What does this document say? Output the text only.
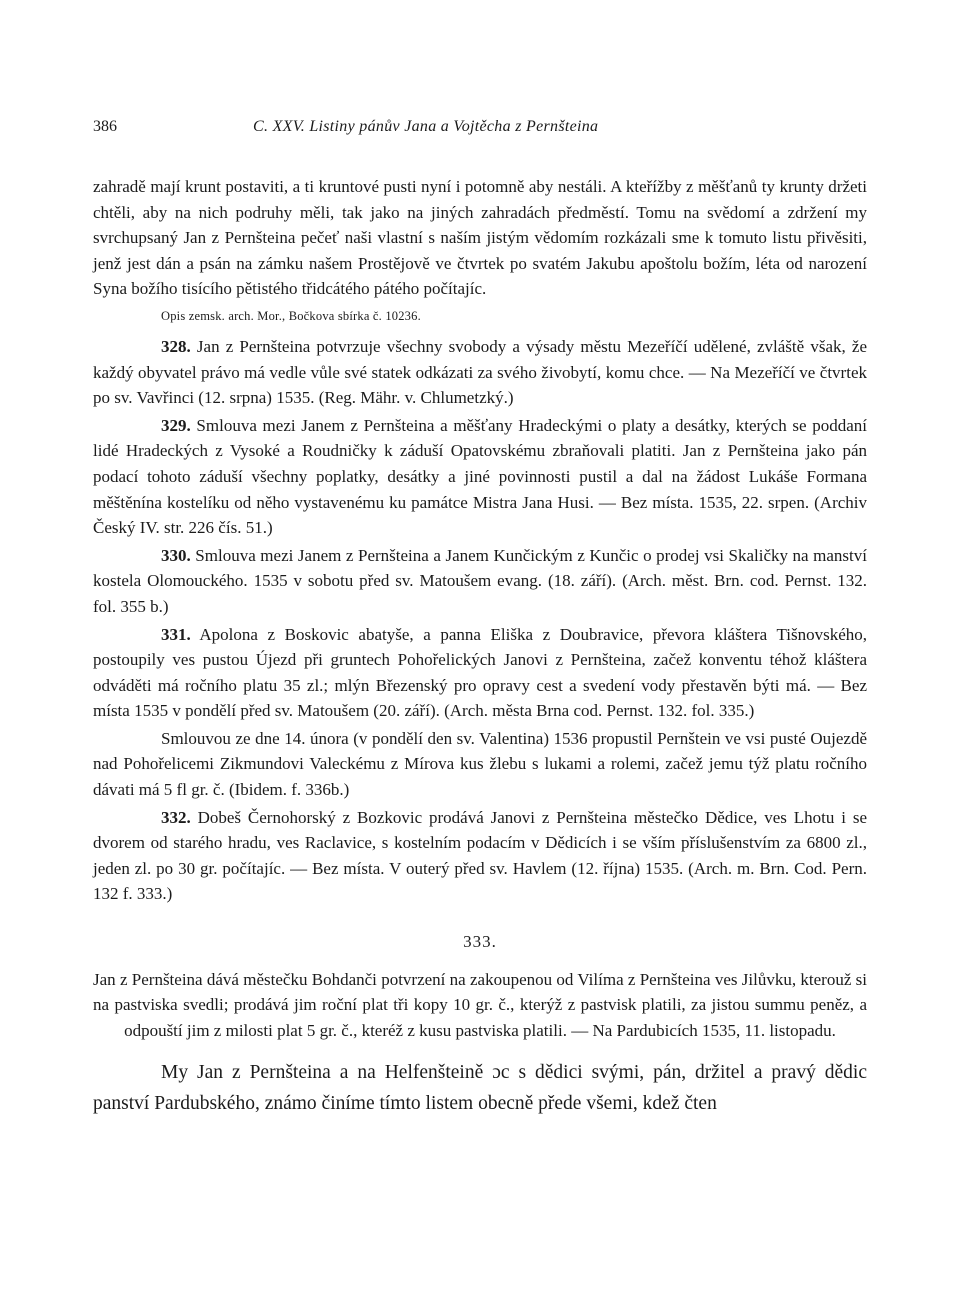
386	C. XXV. Listiny pánův Jana a Vojtěcha z Pernšteina

zahradě mají krunt postaviti, a ti kruntové pusti nyní i potomně aby nestáli. A kteřížby z měšťanů ty krunty držeti chtěli, aby na nich podruhy měli, tak jako na jiných zahradách předměstí. Tomu na svědomí a zdržení my svrchupsaný Jan z Pernšteina pečeť naši vlastní s naším jistým vědomím rozkázali sme k tomuto listu přivěsiti, jenž jest dán a psán na zámku našem Prostějově ve čtvrtek po svatém Jakubu apoštolu božím, léta od narození Syna božího tisícího pětistého třidcátého pátého počítajíc.

Opis zemsk. arch. Mor., Bočkova sbírka č. 10236.

328. Jan z Pernšteina potvrzuje všechny svobody a výsady městu Mezeříčí udělené, zvláště však, že každý obyvatel právo má vedle vůle své statek odkázati za svého živobytí, komu chce. — Na Mezeříčí ve čtvrtek po sv. Vavřinci (12. srpna) 1535. (Reg. Mähr. v. Chlumetzký.)

329. Smlouva mezi Janem z Pernšteina a měšťany Hradeckými o platy a desátky, kterých se poddaní lidé Hradeckých z Vysoké a Roudničky k záduší Opatovskému zbraňovali platiti. Jan z Pernšteina jako pán podací tohoto záduší všechny poplatky, desátky a jiné povinnosti pustil a dal na žádost Lukáše Formana měštěnína kostelíku od něho vystavenému ku památce Mistra Jana Husi. — Bez místa. 1535, 22. srpen. (Archiv Český IV. str. 226 čís. 51.)

330. Smlouva mezi Janem z Pernšteina a Janem Kunčickým z Kunčic o prodej vsi Skaličky na manství kostela Olomouckého. 1535 v sobotu před sv. Matoušem evang. (18. září). (Arch. měst. Brn. cod. Pernst. 132. fol. 355 b.)

331. Apolona z Boskovic abatyše, a panna Eliška z Doubravice, převora kláštera Tišnovského, postoupily ves pustou Újezd při gruntech Pohořelických Janovi z Pernšteina, začež konventu téhož kláštera odváděti má ročního platu 35 zl.; mlýn Březenský pro opravy cest a svedení vody přestavěn býti má. — Bez místa 1535 v pondělí před sv. Matoušem (20. září). (Arch. města Brna cod. Pernst. 132. fol. 335.)

Smlouvou ze dne 14. února (v pondělí den sv. Valentina) 1536 propustil Pernštein ve vsi pusté Oujezdě nad Pohořelicemi Zikmundovi Valeckému z Mírova kus žlebu s lukami a rolemi, začež jemu týž platu ročního dávati má 5 fl gr. č. (Ibidem. f. 336b.)

332. Dobeš Černohorský z Bozkovic prodává Janovi z Pernšteina městečko Dědice, ves Lhotu i se dvorem od starého hradu, ves Raclavice, s kostelním podacím v Dědicích i se vším příslušenstvím za 6800 zl., jeden zl. po 30 gr. počítajíc. — Bez místa. V outerý před sv. Havlem (12. října) 1535. (Arch. m. Brn. Cod. Pern. 132 f. 333.)

333.

Jan z Pernšteina dává městečku Bohdanči potvrzení na zakoupenou od Vilíma z Pernšteina ves Jilůvku, kterouž si na pastviska svedli; prodává jim roční plat tři kopy 10 gr. č., kterýž z pastvisk platili, za jistou summu peněz, a odpouští jim z milosti plat 5 gr. č., kteréž z kusu pastviska platili. — Na Pardubicích 1535, 11. listopadu.

My Jan z Pernšteina a na Helfenšteině ɔc s dědici svými, pán, držitel a pravý dědic panství Pardubského, známo činíme tímto listem obecně přede všemi, kdež čten
